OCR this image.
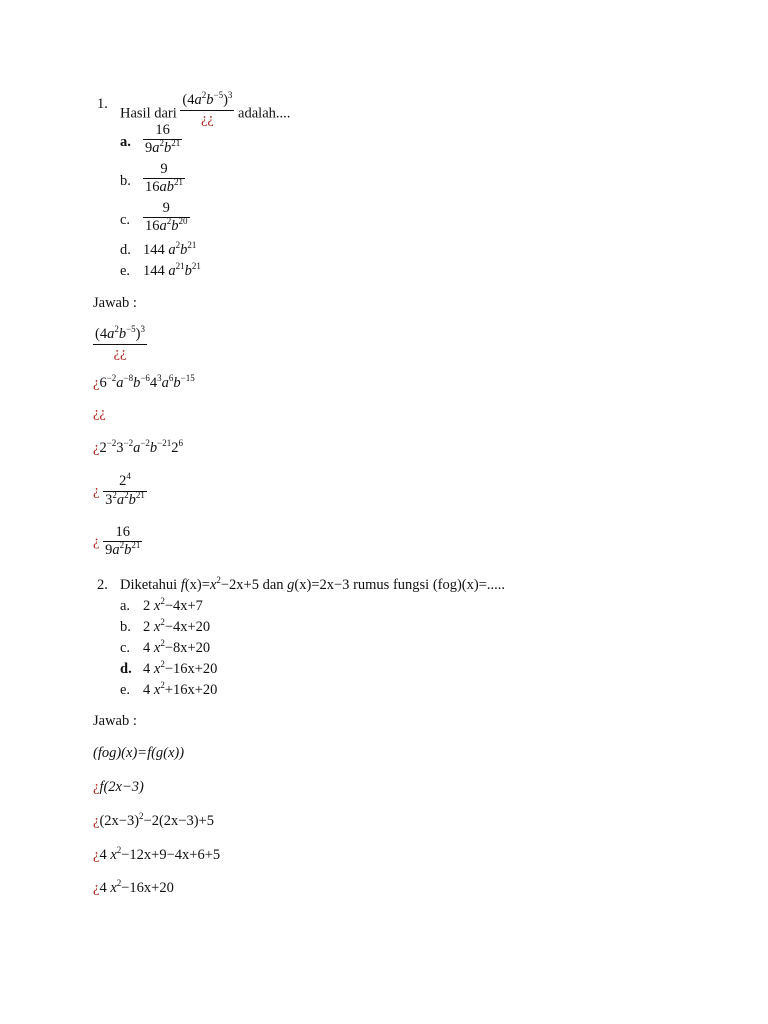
1.
Hasil dari $\frac{(4a^2b^{-5})^3}{¿¿}$ adalah....
a. $\frac{16}{9a^2b^{21}}$
b. $\frac{9}{16ab^{21}}$
c. $\frac{9}{16a^2b^{20}}$
d. 144 $a^2b^{21}$
e. 144 $a^{21}b^{21}$
Jawab :
$\frac{(4a^2b^{-5})^3}{¿¿}$
¿$6^{-2}a^{-8}b^{-6}4^3a^6b^{-15}$
¿¿
¿$2^{-2}3^{-2}a^{-2}b^{-21}2^6$
¿ $\frac{2^4}{3^2a^2b^{21}}$
¿ $\frac{16}{9a^2b^{21}}$
2. Diketahui $f(x)=x^2-2x+5$ dan g(x)=2x−3 rumus fungsi (fog)(x)=.....
a. 2 $x^2-4x+7$
b. 2 $x^2-4x+20$
c. 4 $x^2-8x+20$
d. 4 $x^2-16x+20$
e. 4 $x^2+16x+20$
Jawab :
(fog)(x)=f(g(x))
¿f(2x−3)
¿$(2x-3)^2-2(2x-3)+5$
¿4 $x^2-12x+9-4x+6+5$
¿4 $x^2-16x+20$
